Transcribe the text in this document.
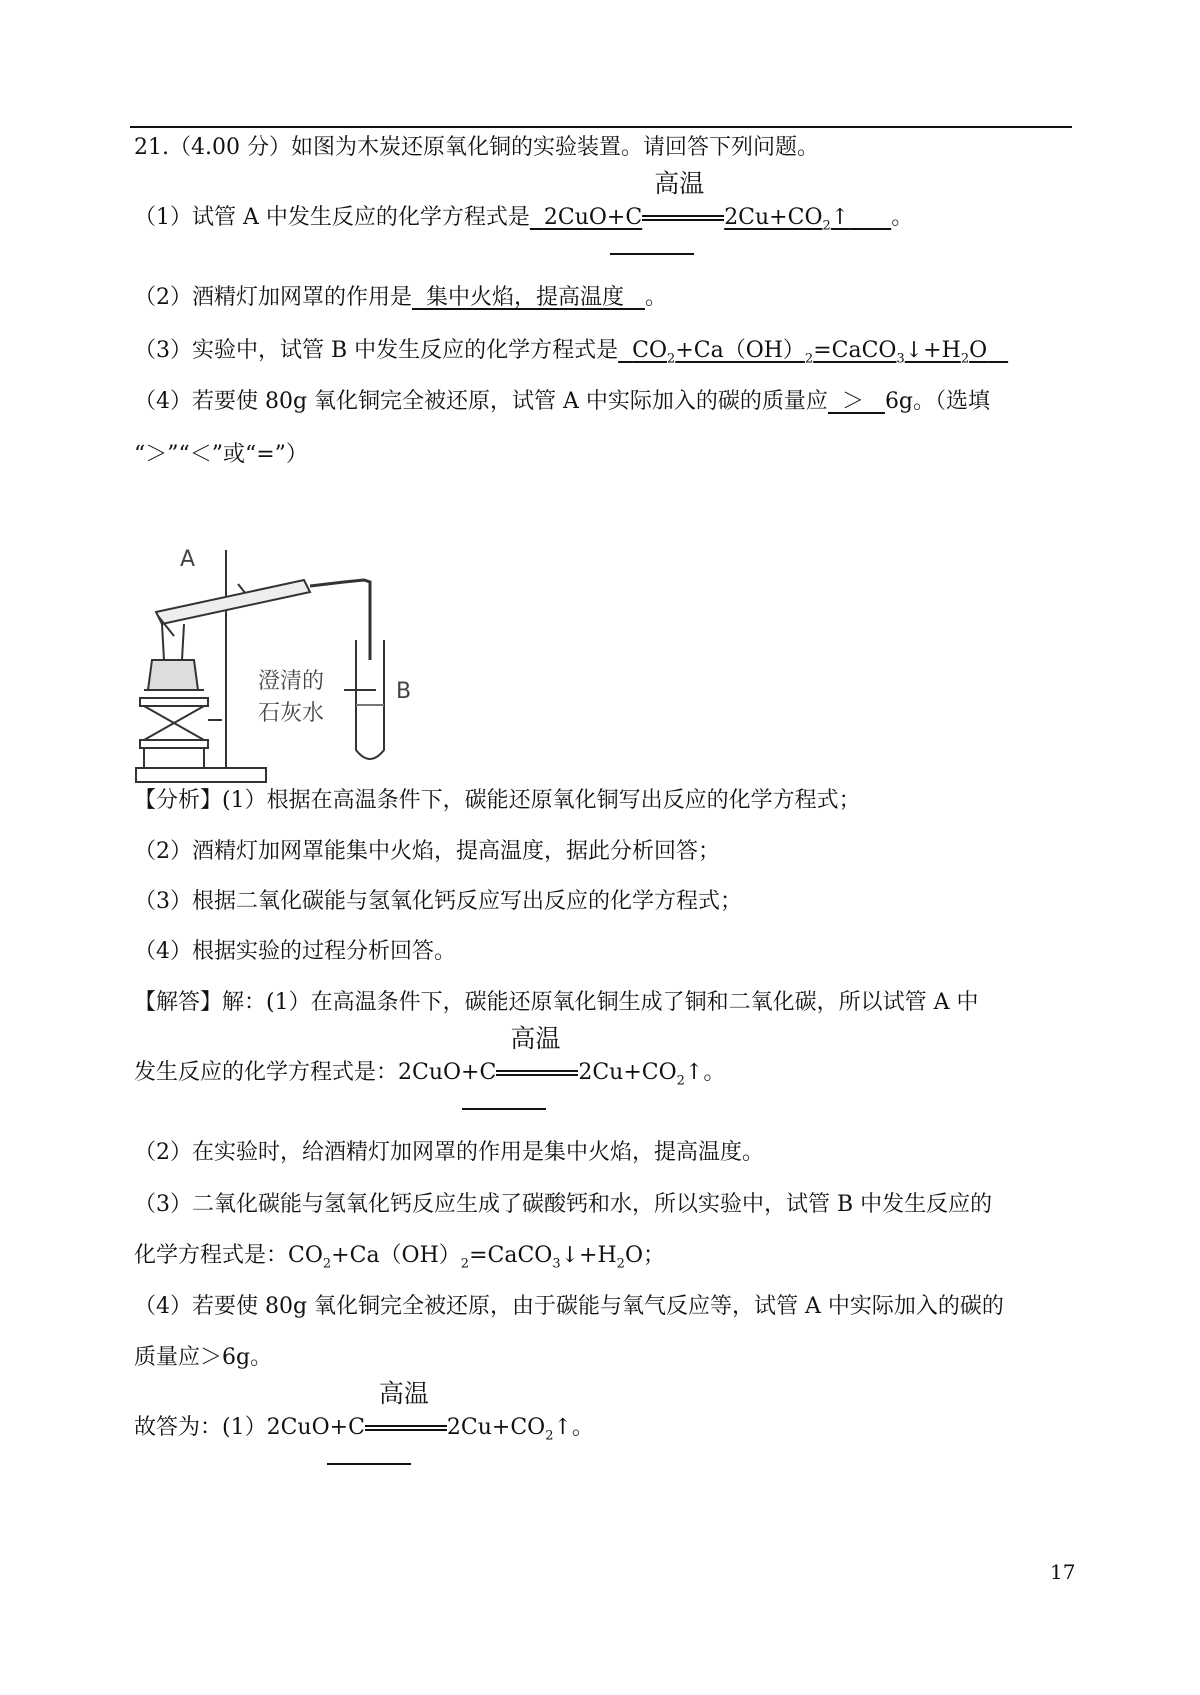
21.（4.00 分）如图为木炭还原氧化铜的实验装置。请回答下列问题。
（1）试管 A 中发生反应的化学方程式是 2CuO+C
高温
$2Cu+CO_2↑$ 。
（2）酒精灯加网罩的作用是 集中火焰，提高温度 。
（3）实验中，试管 B 中发生反应的化学方程式是 $CO_2+Ca(OH)_2=CaCO_3↓+H_2O$
（4）若要使 80g 氧化铜完全被还原，试管 A 中实际加入的碳的质量应 ＞ 6g。（选填
“＞”“＜”或“=”）
A
B
澄清的
石灰水
【分析】(1）根据在高温条件下，碳能还原氧化铜写出反应的化学方程式；
（2）酒精灯加网罩能集中火焰，提高温度，据此分析回答；
（3）根据二氧化碳能与氢氧化钙反应写出反应的化学方程式；
（4）根据实验的过程分析回答。
【解答】解：(1）在高温条件下，碳能还原氧化铜生成了铜和二氧化碳，所以试管 A 中
发生反应的化学方程式是：2CuO+C
高温
$2Cu+CO_2↑$。
（2）在实验时，给酒精灯加网罩的作用是集中火焰，提高温度。
（3）二氧化碳能与氢氧化钙反应生成了碳酸钙和水，所以实验中，试管 B 中发生反应的
化学方程式是：$CO_2+Ca(OH)_2=CaCO_3↓+H_2O$；
（4）若要使 80g 氧化铜完全被还原，由于碳能与氧气反应等，试管 A 中实际加入的碳的
质量应＞6g。
故答为：(1）2CuO+C
高温
$2Cu+CO_2↑$。
17
